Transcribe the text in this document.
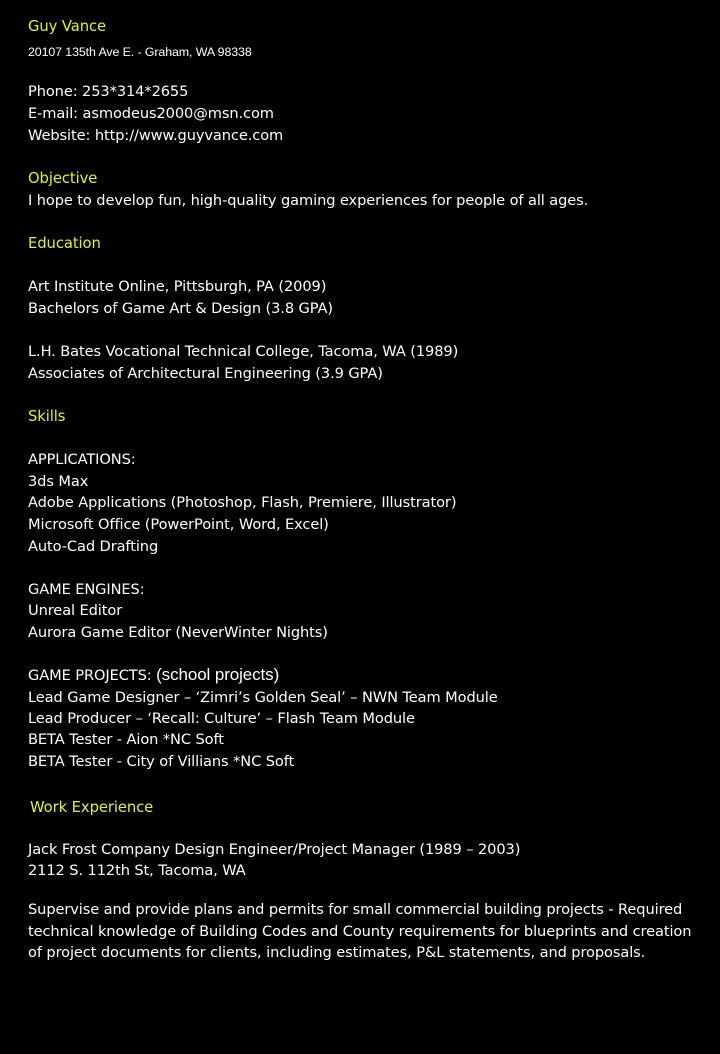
Guy Vance
20107 135th Ave E. - Graham, WA 98338
Phone: 253*314*2655
E-mail: asmodeus2000@msn.com
Website: http://www.guyvance.com
Objective
I hope to develop fun, high-quality gaming experiences for people of all ages.
Education
Art Institute Online, Pittsburgh, PA (2009)
Bachelors of Game Art & Design (3.8 GPA)
L.H. Bates Vocational Technical College, Tacoma, WA (1989)
Associates of Architectural Engineering (3.9 GPA)
Skills
APPLICATIONS:
3ds Max
Adobe Applications (Photoshop, Flash, Premiere, Illustrator)
Microsoft Office (PowerPoint, Word, Excel)
Auto-Cad Drafting
GAME ENGINES:
Unreal Editor
Aurora Game Editor (NeverWinter Nights)
GAME PROJECTS: (school projects)
Lead Game Designer – ‘Zimri’s Golden Seal’ – NWN Team Module
Lead Producer – ‘Recall: Culture’ – Flash Team Module
BETA Tester - Aion *NC Soft
BETA Tester - City of Villians *NC Soft
Work Experience
Jack Frost Company Design Engineer/Project Manager (1989 – 2003)
2112 S. 112th St, Tacoma, WA
Supervise and provide plans and permits for small commercial building projects - Required technical knowledge of Building Codes and County requirements for blueprints and creation of project documents for clients, including estimates, P&L statements, and proposals.
